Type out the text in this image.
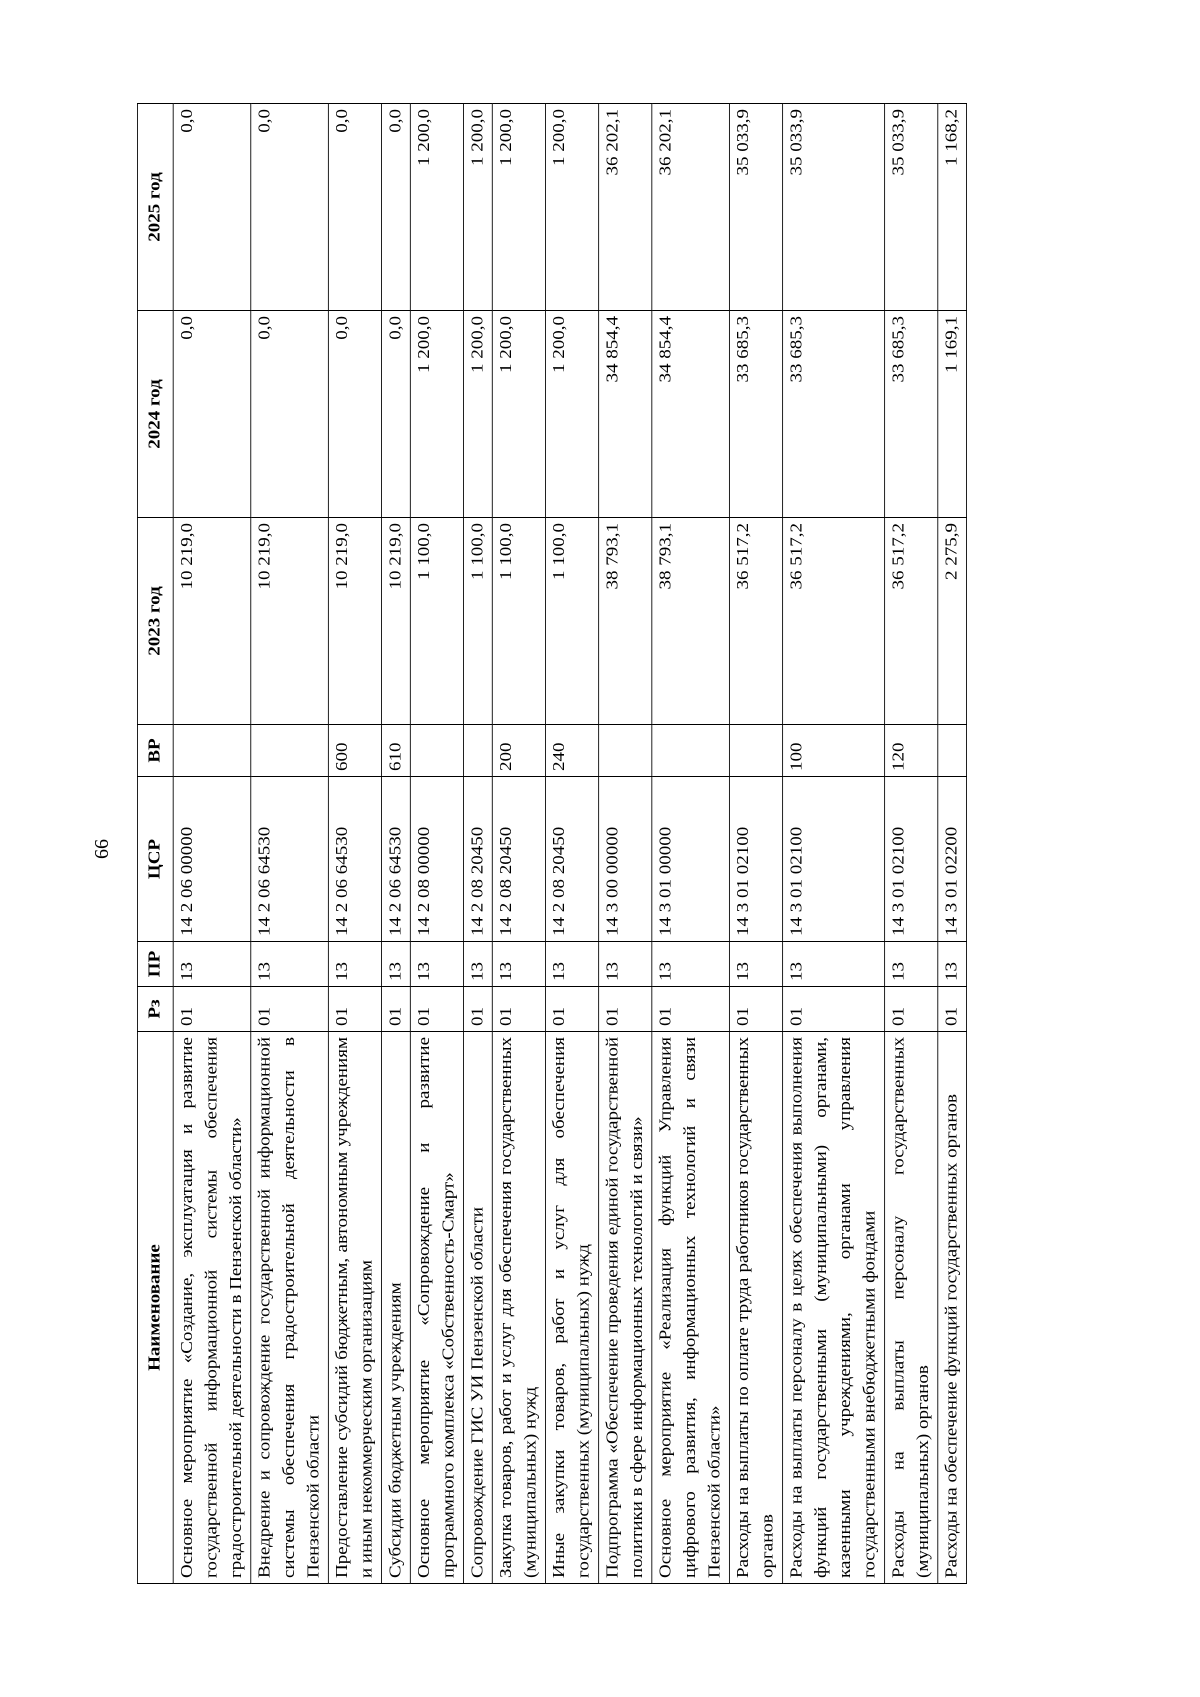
66
Наименование	Рз	ПР	ЦСР	ВР	2023 год	2024 год	2025 год
Основное мероприятие «Создание, эксплуатация и развитие государственной информационной системы обеспечения градостроительной деятельности в Пензенской области»	01	13	14 2 06 00000		10 219,0	0,0	0,0
Внедрение и сопровождение государственной информационной системы обеспечения градостроительной деятельности в Пензенской области	01	13	14 2 06 64530		10 219,0	0,0	0,0
Предоставление субсидий бюджетным, автономным учреждениям и иным некоммерческим организациям	01	13	14 2 06 64530	600	10 219,0	0,0	0,0
Субсидии бюджетным учреждениям	01	13	14 2 06 64530	610	10 219,0	0,0	0,0
Основное мероприятие «Сопровождение и развитие программного комплекса «Собственность-Смарт»	01	13	14 2 08 00000		1 100,0	1 200,0	1 200,0
Сопровождение ГИС УИ Пензенской области	01	13	14 2 08 20450		1 100,0	1 200,0	1 200,0
Закупка товаров, работ и услуг для обеспечения государственных (муниципальных) нужд	01	13	14 2 08 20450	200	1 100,0	1 200,0	1 200,0
Иные закупки товаров, работ и услуг для обеспечения государственных (муниципальных) нужд	01	13	14 2 08 20450	240	1 100,0	1 200,0	1 200,0
Подпрограмма «Обеспечение проведения единой государственной политики в сфере информационных технологий и связи»	01	13	14 3 00 00000		38 793,1	34 854,4	36 202,1
Основное мероприятие «Реализация функций Управления цифрового развития, информационных технологий и связи Пензенской области»	01	13	14 3 01 00000		38 793,1	34 854,4	36 202,1
Расходы на выплаты по оплате труда работников государственных органов	01	13	14 3 01 02100		36 517,2	33 685,3	35 033,9
Расходы на выплаты персоналу в целях обеспечения выполнения функций государственными (муниципальными) органами, казенными учреждениями, органами управления государственными внебюджетными фондами	01	13	14 3 01 02100	100	36 517,2	33 685,3	35 033,9
Расходы на выплаты персоналу государственных (муниципальных) органов	01	13	14 3 01 02100	120	36 517,2	33 685,3	35 033,9
Расходы на обеспечение функций государственных органов	01	13	14 3 01 02200		2 275,9	1 169,1	1 168,2
